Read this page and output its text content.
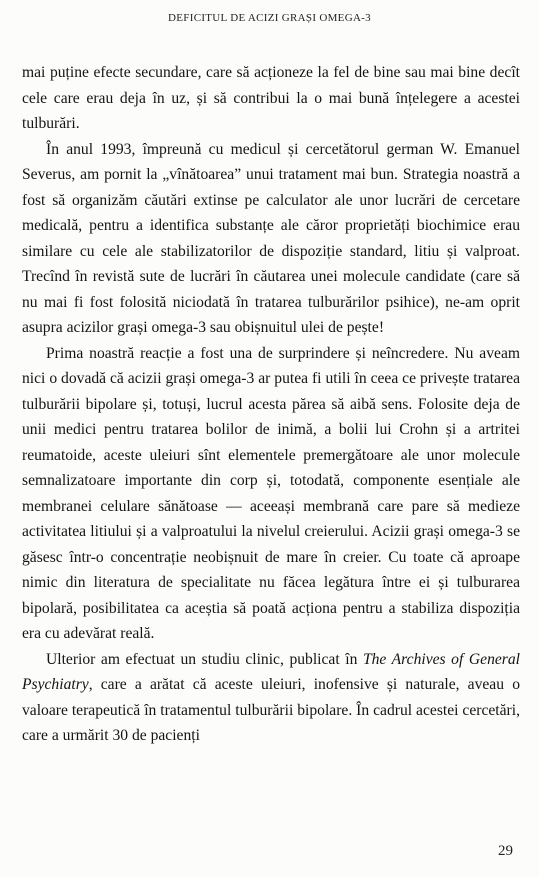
DEFICITUL DE ACIZI GRAȘI OMEGA-3

mai puține efecte secundare, care să acționeze la fel de bine sau mai bine decît cele care erau deja în uz, și să contribui la o mai bună înțelegere a acestei tulburări.

În anul 1993, împreună cu medicul și cercetătorul german W. Emanuel Severus, am pornit la „vînătoarea” unui tratament mai bun. Strategia noastră a fost să organizăm căutări extinse pe calculator ale unor lucrări de cercetare medicală, pentru a identifica substanțe ale căror proprietăți biochimice erau similare cu cele ale stabilizatorilor de dispoziție standard, litiu și valproat. Trecînd în revistă sute de lucrări în căutarea unei molecule candidate (care să nu mai fi fost folosită niciodată în tratarea tulburărilor psihice), ne-am oprit asupra acizilor grași omega-3 sau obișnuitul ulei de pește!

Prima noastră reacție a fost una de surprindere și neîncredere. Nu aveam nici o dovadă că acizii grași omega-3 ar putea fi utili în ceea ce privește tratarea tulburării bipolare și, totuși, lucrul acesta părea să aibă sens. Folosite deja de unii medici pentru tratarea bolilor de inimă, a bolii lui Crohn și a artritei reumatoide, aceste uleiuri sînt elementele premergătoare ale unor molecule semnalizatoare importante din corp și, totodată, componente esențiale ale membranei celulare sănătoase — aceeași membrană care pare să medieze activitatea litiului și a valproatului la nivelul creierului. Acizii grași omega-3 se găsesc într-o concentrație neobișnuit de mare în creier. Cu toate că aproape nimic din literatura de specialitate nu făcea legătura între ei și tulburarea bipolară, posibilitatea ca aceștia să poată acționa pentru a stabiliza dispoziția era cu adevărat reală.

Ulterior am efectuat un studiu clinic, publicat în The Archives of General Psychiatry, care a arătat că aceste uleiuri, inofensive și naturale, aveau o valoare terapeutică în tratamentul tulburării bipolare. În cadrul acestei cercetări, care a urmărit 30 de pacienți

29
